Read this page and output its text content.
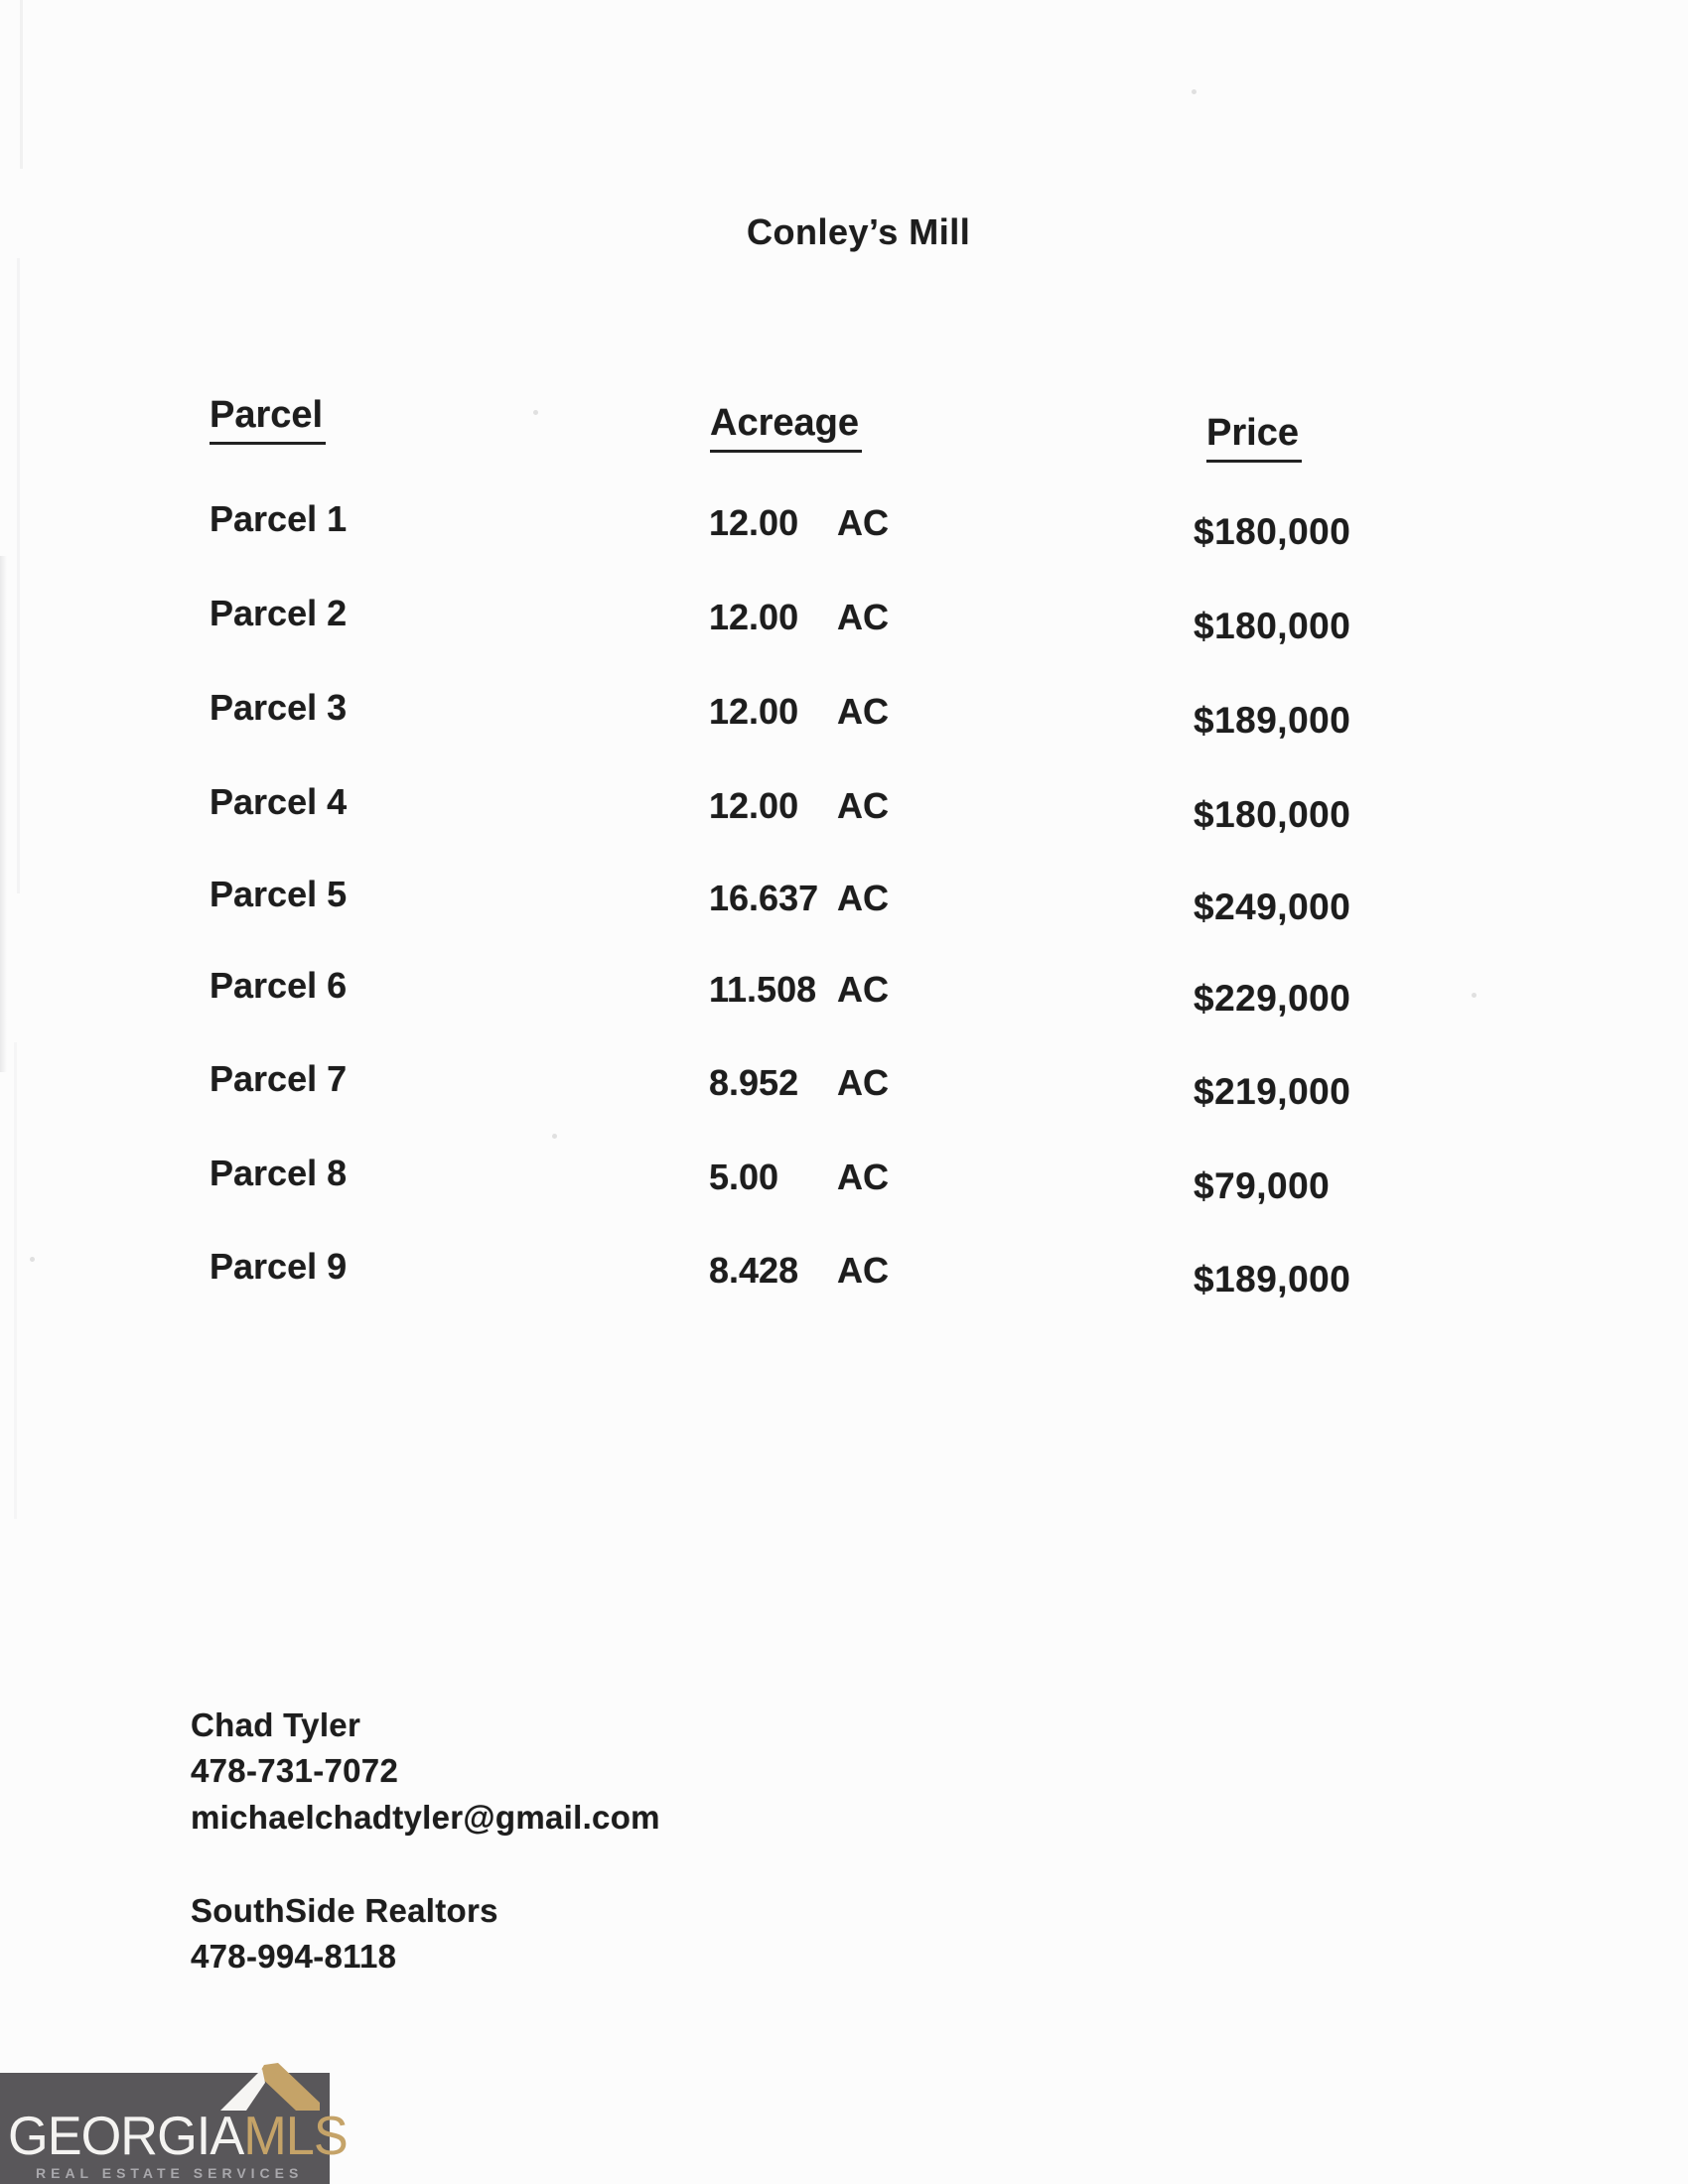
Conley’s Mill
Parcel	Acreage	Price
Parcel 1	12.00 AC	$180,000
Parcel 2	12.00 AC	$180,000
Parcel 3	12.00 AC	$189,000
Parcel 4	12.00 AC	$180,000
Parcel 5	16.637 AC	$249,000
Parcel 6	11.508 AC	$229,000
Parcel 7	8.952 AC	$219,000
Parcel 8	5.00 AC	$79,000
Parcel 9	8.428 AC	$189,000
Chad Tyler
478-731-7072
michaelchadtyler@gmail.com
SouthSide Realtors
478-994-8118
GEORGIAMLS
REAL ESTATE SERVICES
